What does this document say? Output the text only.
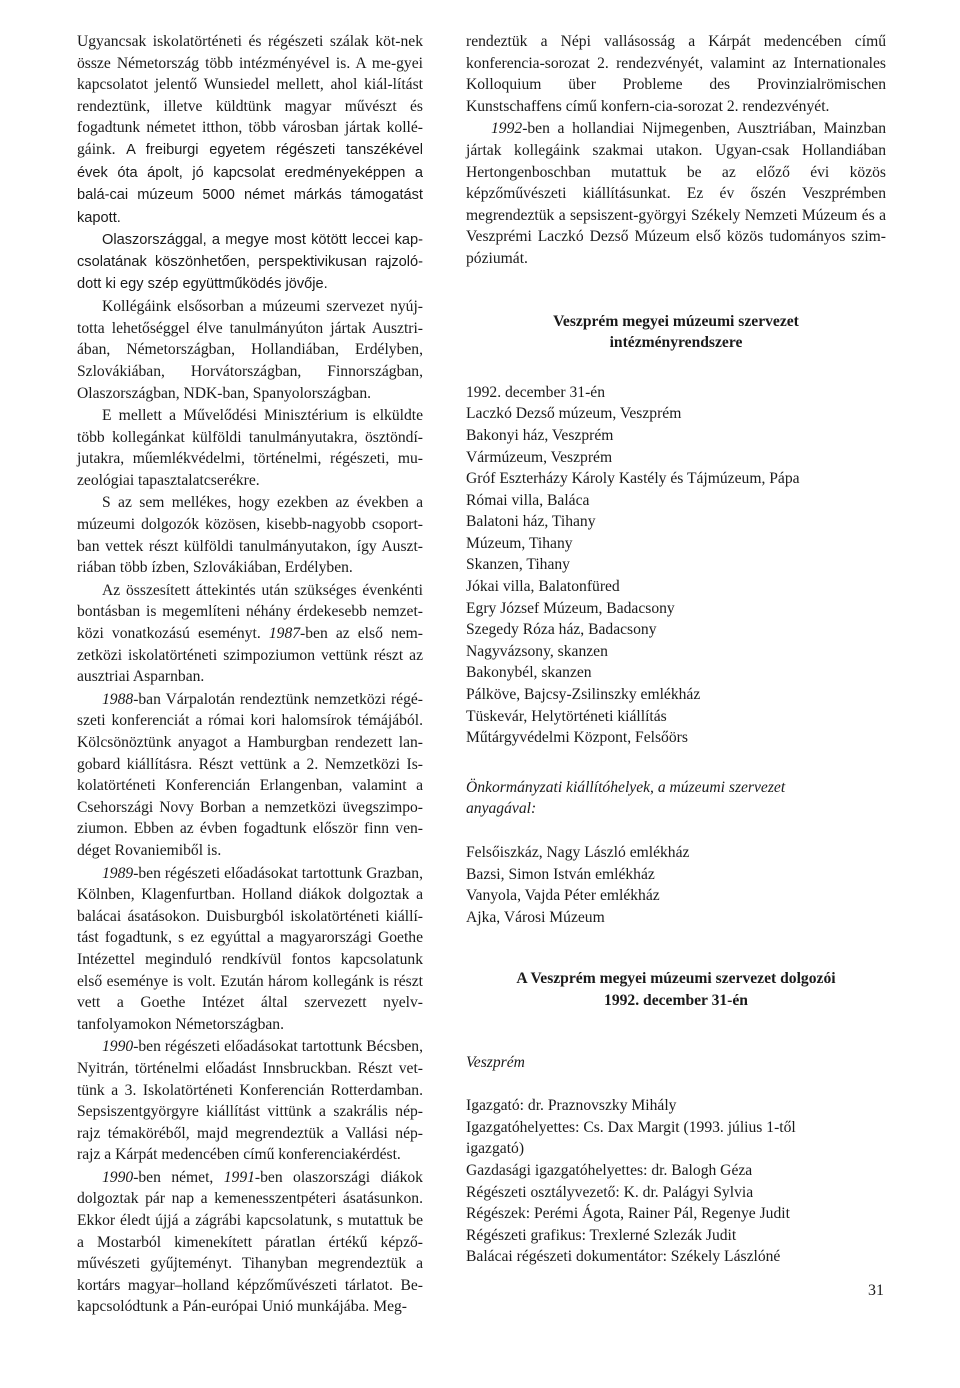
Ugyancsak iskolatörténeti és régészeti szálak köt-nek össze Németország több intézményével is. A me-gyei kapcsolatot jelentő Wunsiedel mellett, ahol kiál-lítást rendeztünk, illetve küldtünk magyar művészt és fogadtunk németet itthon, több városban jártak kollé-gáink. A freiburgi egyetem régészeti tanszékével évek óta ápolt, jó kapcsolat eredményeképpen a balá-cai múzeum 5000 német márkás támogatást kapott.

Olaszországgal, a megye most kötött leccei kap-csolatának köszönhetően, perspektivikusan rajzoló-dott ki egy szép együttműködés jövője.

Kollégáink elsősorban a múzeumi szervezet nyúj-totta lehetőséggel élve tanulmányúton jártak Ausztri-ában, Németországban, Hollandiában, Erdélyben, Szlovákiában, Horvátországban, Finnországban, Olaszországban, NDK-ban, Spanyolországban.

E mellett a Művelődési Minisztérium is elküldte több kollegánkat külföldi tanulmányutakra, ösztöndí-jutakra, műemlékvédelmi, történelmi, régészeti, mu-zeológiai tapasztalatcserékre.

S az sem mellékes, hogy ezekben az években a múzeumi dolgozók közösen, kisebb-nagyobb csoport-ban vettek részt külföldi tanulmányutakon, így Auszt-riában több ízben, Szlovákiában, Erdélyben.

Az összesített áttekintés után szükséges évenkénti bontásban is megemlíteni néhány érdekesebb nemzet-közi vonatkozású eseményt. 1987-ben az első nem-zetközi iskolatörténeti szimpoziumon vettünk részt az ausztriai Asparnban.

1988-ban Várpalotán rendeztünk nemzetközi régé-szeti konferenciát a római kori halomsírok témájából. Kölcsönöztünk anyagot a Hamburgban rendezett lan-gobard kiállításra. Részt vettünk a 2. Nemzetközi Is-kolatörténeti Konferencián Erlangenban, valamint a Csehországi Novy Borban a nemzetközi üvegszimpo-ziumon. Ebben az évben fogadtunk először finn ven-déget Rovaniemiből is.

1989-ben régészeti előadásokat tartottunk Grazban, Kölnben, Klagenfurtban. Holland diákok dolgoztak a balácai ásatásokon. Duisburgból iskolatörténeti kiállí-tást fogadtunk, s ez egyúttal a magyarországi Goethe Intézettel meginduló rendkívül fontos kapcsolatunk első eseménye is volt. Ezután három kollegánk is részt vett a Goethe Intézet által szervezett nyelv-tanfolyamokon Németországban.

1990-ben régészeti előadásokat tartottunk Bécsben, Nyitrán, történelmi előadást Innsbruckban. Részt vet-tünk a 3. Iskolatörténeti Konferencián Rotterdamban. Sepsiszentgyörgyre kiállítást vittünk a szakrális nép-rajz témaköréből, majd megrendeztük a Vallási nép-rajz a Kárpát medencében című konferenciakérdést.

1990-ben német, 1991-ben olaszországi diákok dolgoztak pár nap a kemenesszentpéteri ásatásunkon. Ekkor éledt újjá a zágrábi kapcsolatunk, s mutattuk be a Mostarból kimenekített páratlan értékű képző-művészeti gyűjteményt. Tihanyban megrendeztük a kortárs magyar–holland képzőművészeti tárlatot. Be-kapcsolódtunk a Pán-európai Unió munkájába. Meg-

rendeztük a Népi vallásosság a Kárpát medencében című konferencia-sorozat 2. rendezvényét, valamint az Internationales Kolloquium über Probleme des Provinzialrömischen Kunstschaffens című konfern-cia-sorozat 2. rendezvényét.

1992-ben a hollandiai Nijmegenben, Ausztriában, Mainzban jártak kollegáink szakmai utakon. Ugyan-csak Hollandiában Hertongenboschban mutattuk be az előző évi közös képzőművészeti kiállításunkat. Ez év őszén Veszprémben megrendeztük a sepsiszent-györgyi Székely Nemzeti Múzeum és a Veszprémi Laczkó Dezső Múzeum első közös tudományos szim-póziumát.

Veszprém megyei múzeumi szervezet

intézményrendszere

1992. december 31-én

Laczkó Dezső múzeum, Veszprém

Bakonyi ház, Veszprém

Vármúzeum, Veszprém

Gróf Eszterházy Károly Kastély és Tájmúzeum, Pápa

Római villa, Baláca

Balatoni ház, Tihany

Múzeum, Tihany

Skanzen, Tihany

Jókai villa, Balatonfüred

Egry József Múzeum, Badacsony

Szegedy Róza ház, Badacsony

Nagyvázsony, skanzen

Bakonybél, skanzen

Pálköve, Bajcsy-Zsilinszky emlékház

Tüskevár, Helytörténeti kiállítás

Műtárgyvédelmi Központ, Felsőörs

Önkormányzati kiállítóhelyek, a múzeumi szervezet

anyagával:

Felsőiszkáz, Nagy László emlékház

Bazsi, Simon István emlékház

Vanyola, Vajda Péter emlékház

Ajka, Városi Múzeum

A Veszprém megyei múzeumi szervezet dolgozói

1992. december 31-én

Veszprém

Igazgató: dr. Praznovszky Mihály

Igazgatóhelyettes: Cs. Dax Margit (1993. július 1-től

igazgató)

Gazdasági igazgatóhelyettes: dr. Balogh Géza

Régészeti osztályvezető: K. dr. Palágyi Sylvia

Régészek: Perémi Ágota, Rainer Pál, Regenye Judit

Régészeti grafikus: Trexlerné Szlezák Judit

Balácai régészeti dokumentátor: Székely Lászlóné

31
